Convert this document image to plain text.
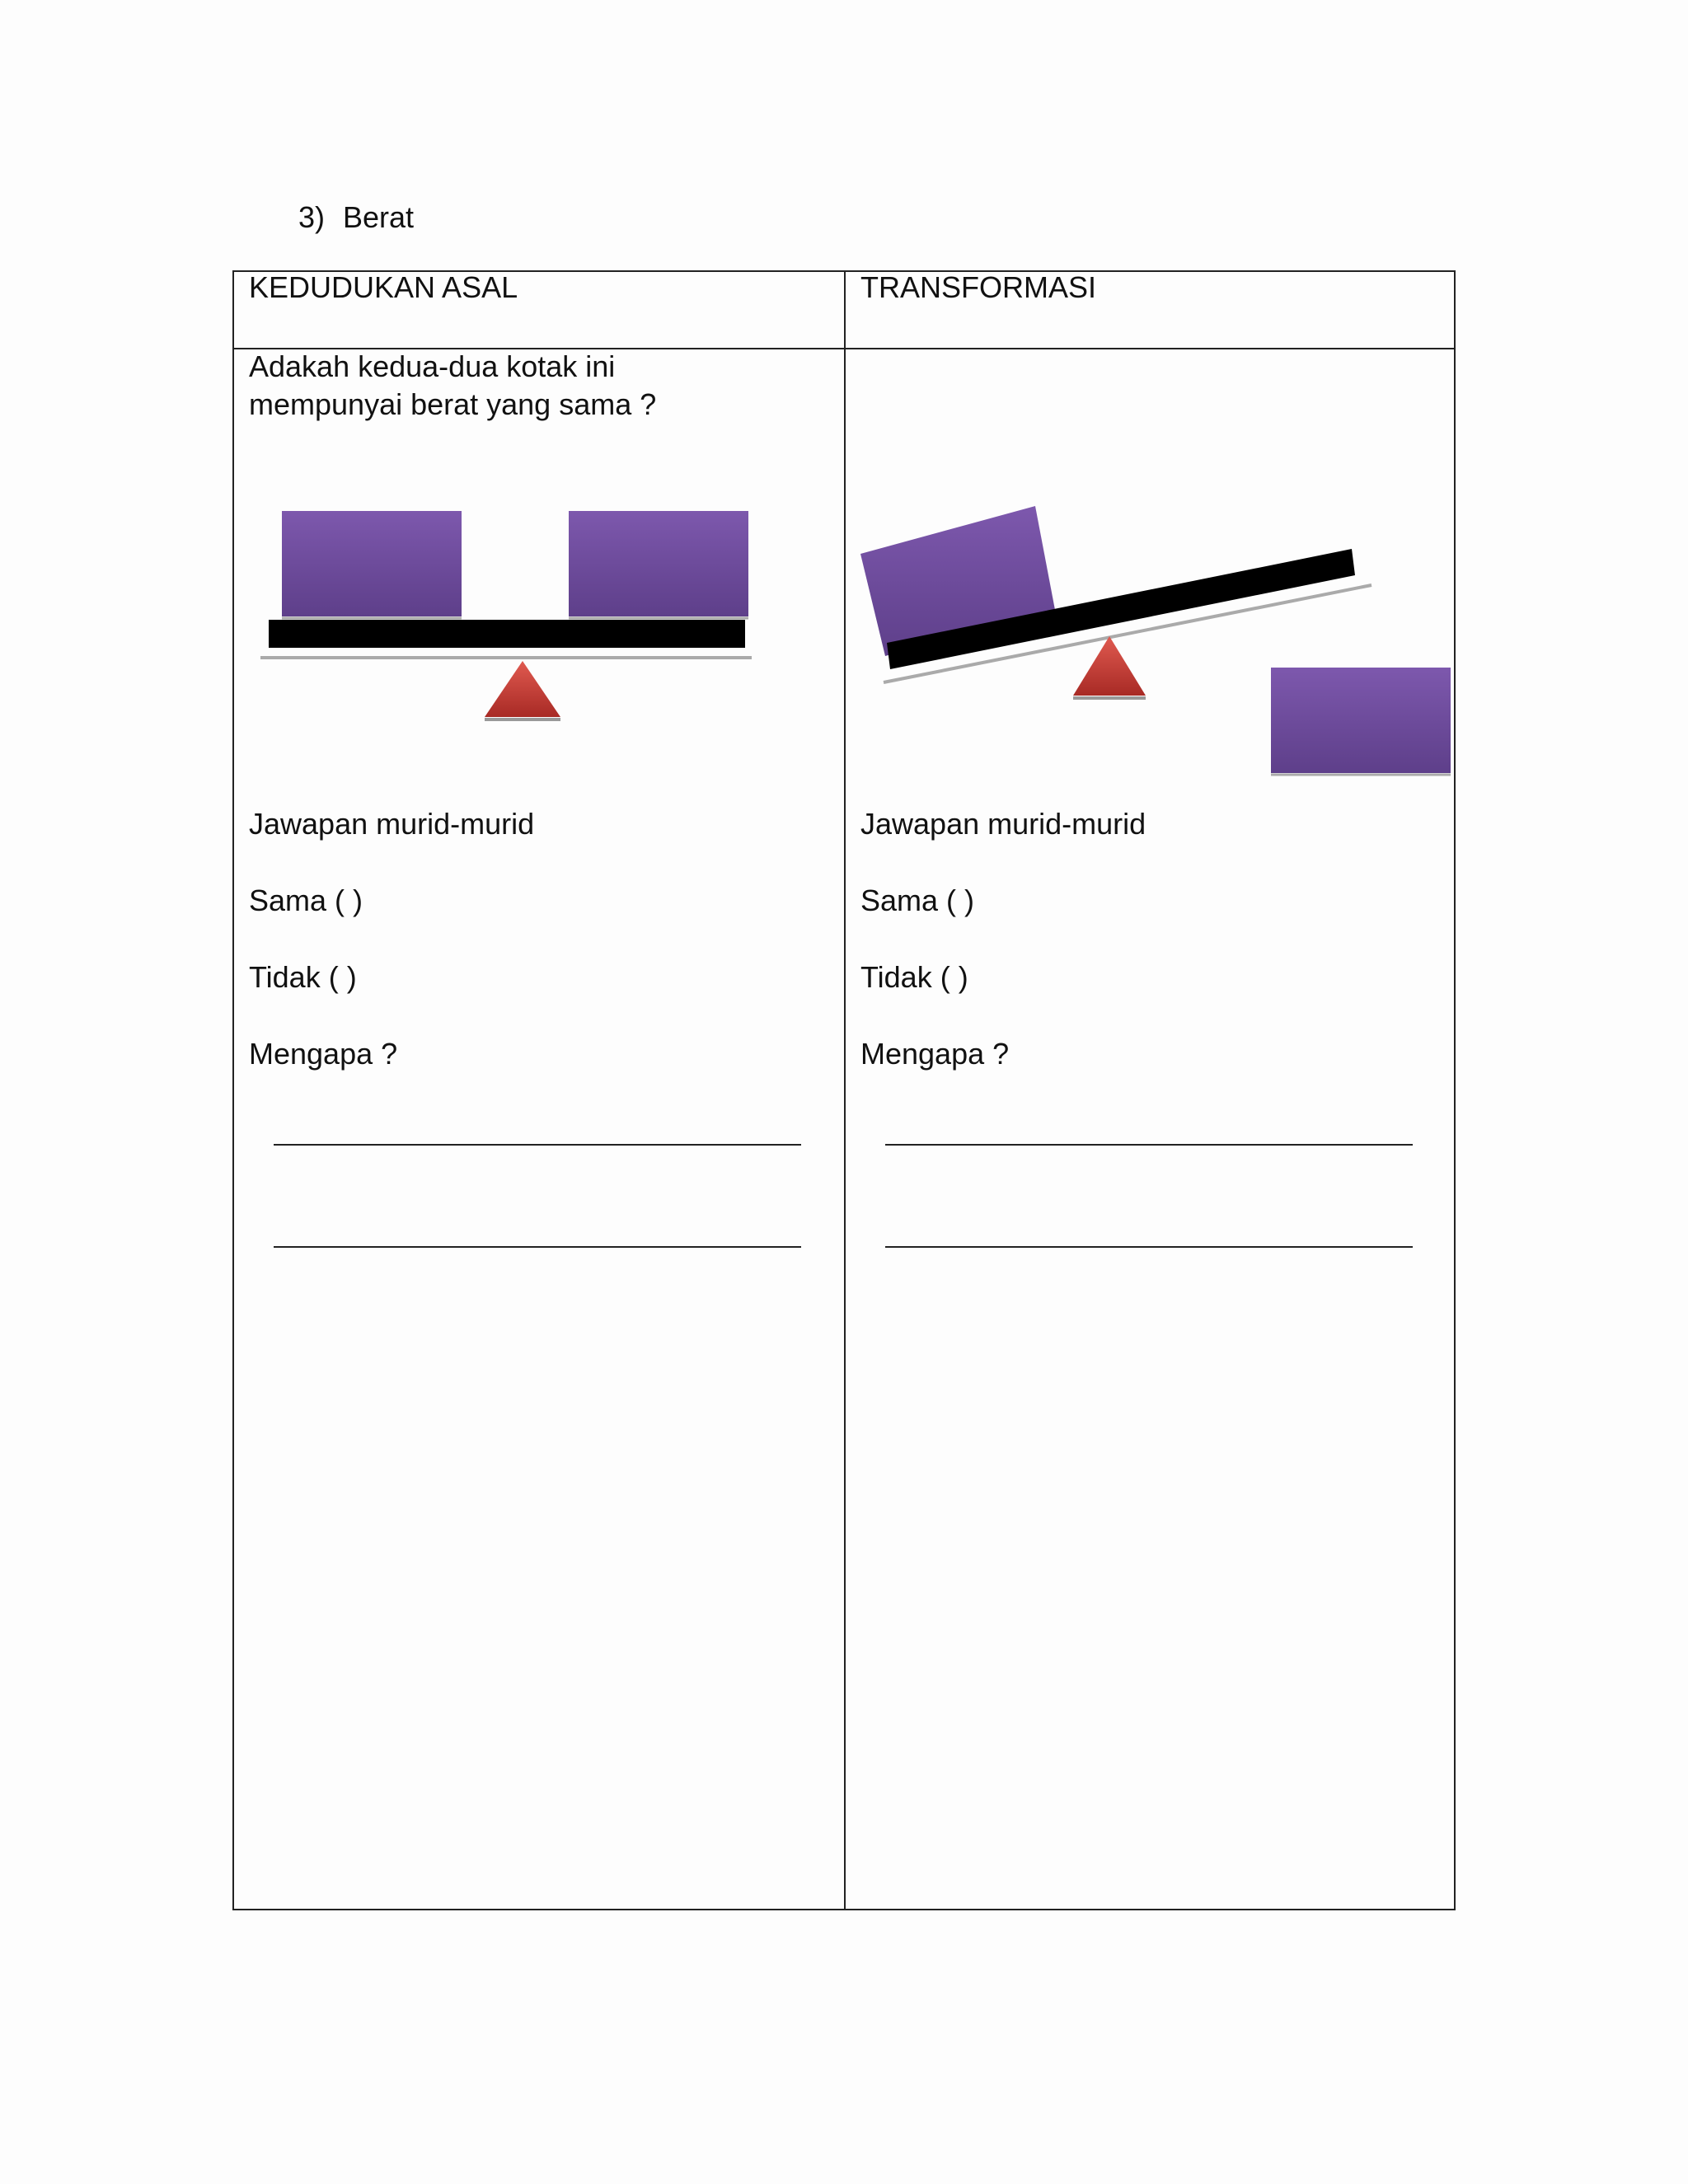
3) Berat
KEDUDUKAN ASAL
Adakah kedua-dua kotak ini
mempunyai berat yang sama ?
Jawapan murid-murid
Sama ( )
Tidak ( )
Mengapa ?
TRANSFORMASI
Jawapan murid-murid
Sama ( )
Tidak ( )
Mengapa ?
